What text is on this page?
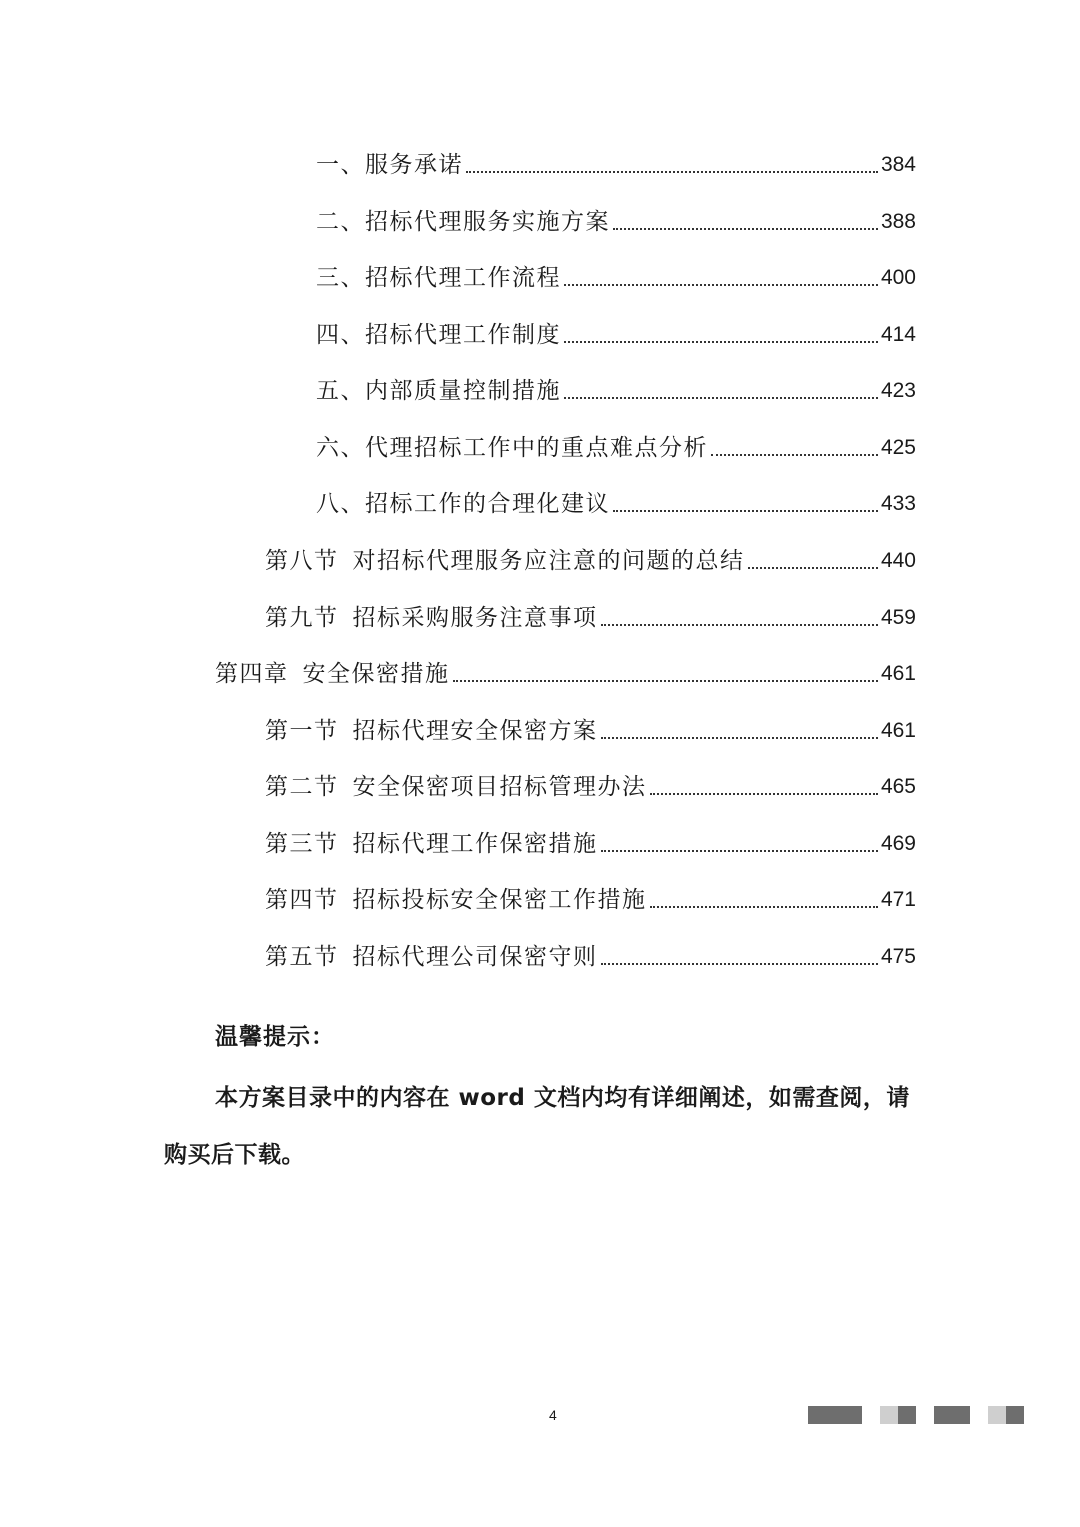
一、服务承诺	384
二、招标代理服务实施方案	388
三、招标代理工作流程	400
四、招标代理工作制度	414
五、内部质量控制措施	423
六、代理招标工作中的重点难点分析	425
八、招标工作的合理化建议	433
第八节 对招标代理服务应注意的问题的总结	440
第九节 招标采购服务注意事项	459
第四章 安全保密措施	461
第一节 招标代理安全保密方案	461
第二节 安全保密项目招标管理办法	465
第三节 招标代理工作保密措施	469
第四节 招标投标安全保密工作措施	471
第五节 招标代理公司保密守则	475
温馨提示：
本方案目录中的内容在 word 文档内均有详细阐述，如需查阅，请购买后下载。
4
